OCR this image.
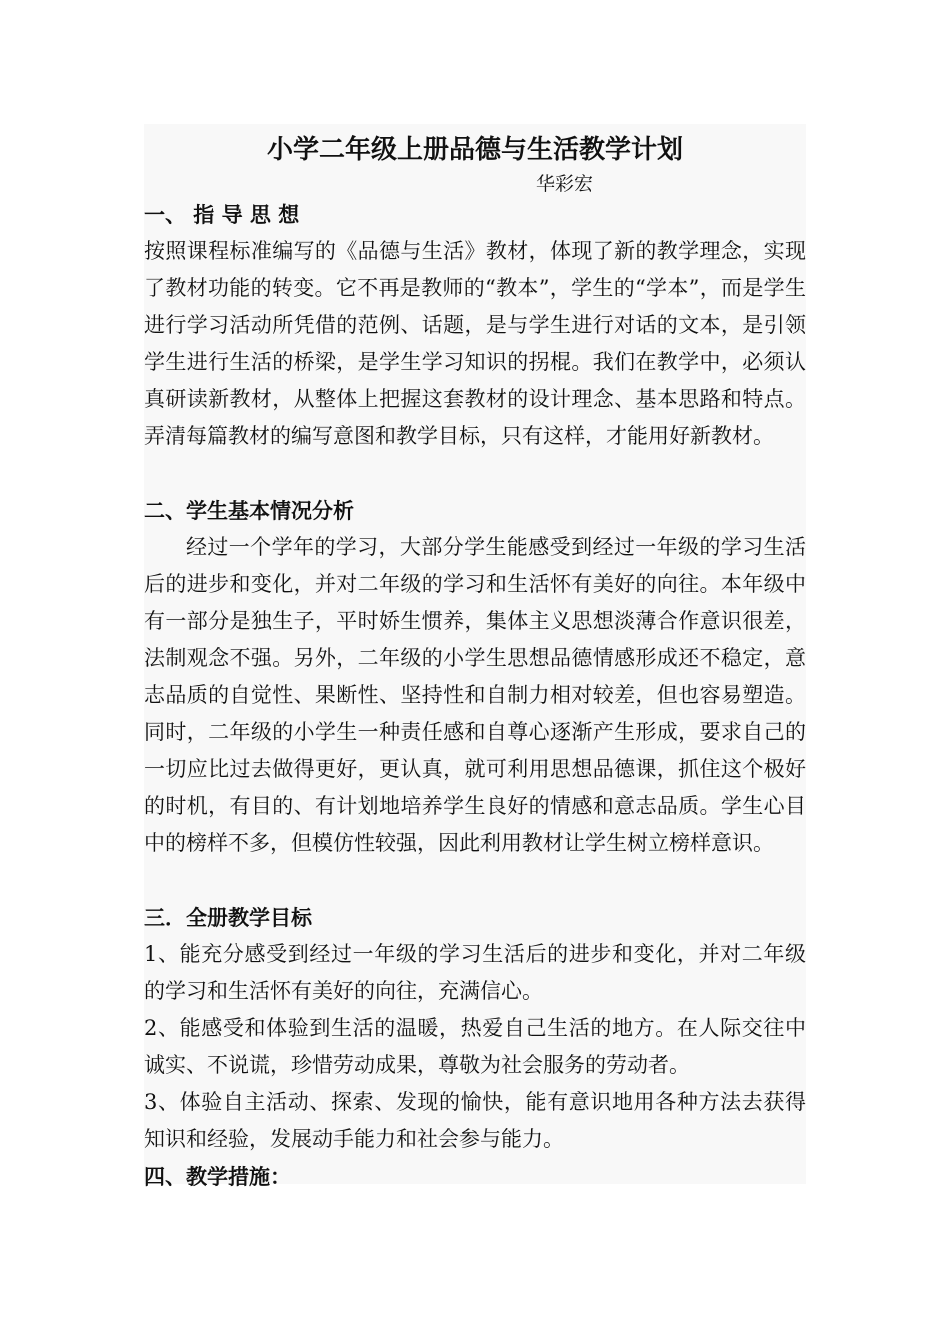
小学二年级上册品德与生活教学计划

华彩宏

一、 指 导 思 想

按照课程标准编写的《品德与生活》教材，体现了新的教学理念，实现了教材功能的转变。它不再是教师的“教本”，学生的“学本”，而是学生进行学习活动所凭借的范例、话题，是与学生进行对话的文本，是引领学生进行生活的桥梁，是学生学习知识的拐棍。我们在教学中，必须认真研读新教材，从整体上把握这套教材的设计理念、基本思路和特点。弄清每篇教材的编写意图和教学目标，只有这样，才能用好新教材。

二、学生基本情况分析

经过一个学年的学习，大部分学生能感受到经过一年级的学习生活后的进步和变化，并对二年级的学习和生活怀有美好的向往。本年级中有一部分是独生子，平时娇生惯养，集体主义思想淡薄合作意识很差，法制观念不强。另外，二年级的小学生思想品德情感形成还不稳定，意志品质的自觉性、果断性、坚持性和自制力相对较差，但也容易塑造。同时，二年级的小学生一种责任感和自尊心逐渐产生形成，要求自己的一切应比过去做得更好，更认真，就可利用思想品德课，抓住这个极好的时机，有目的、有计划地培养学生良好的情感和意志品质。学生心目中的榜样不多，但模仿性较强，因此利用教材让学生树立榜样意识。

三．全册教学目标

1、能充分感受到经过一年级的学习生活后的进步和变化，并对二年级的学习和生活怀有美好的向往，充满信心。

2、能感受和体验到生活的温暖，热爱自己生活的地方。在人际交往中诚实、不说谎，珍惜劳动成果，尊敬为社会服务的劳动者。

3、体验自主活动、探索、发现的愉快，能有意识地用各种方法去获得知识和经验，发展动手能力和社会参与能力。

四、教学措施：
